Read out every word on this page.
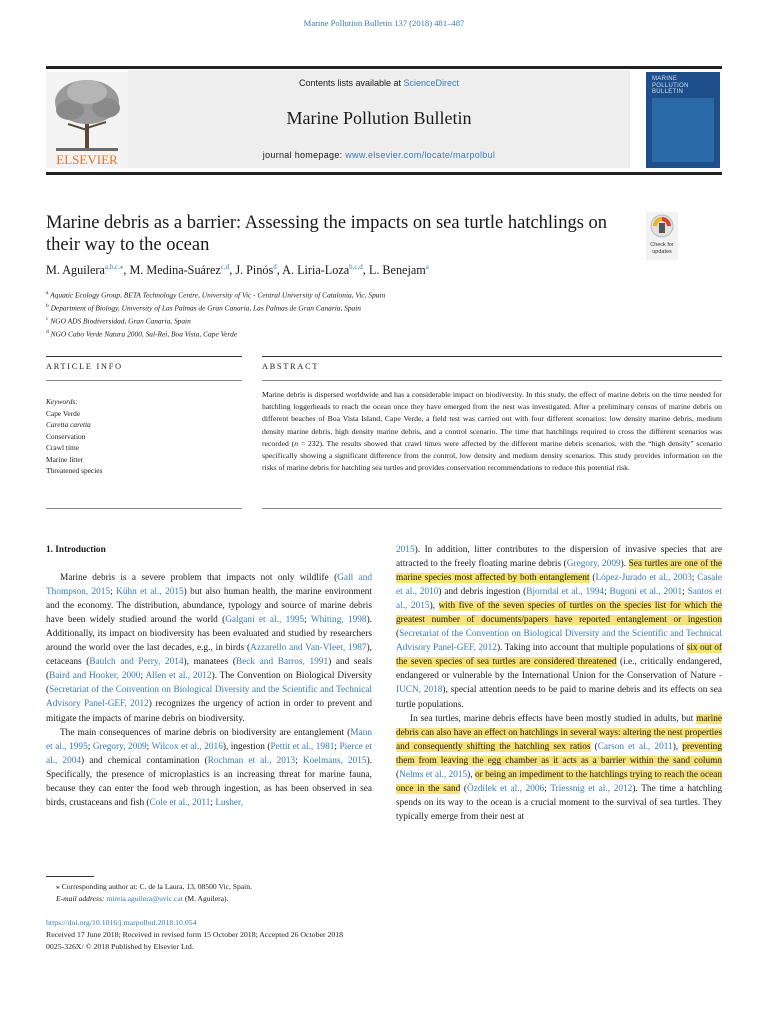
Marine Pollution Bulletin 137 (2018) 481–487
ELSEVIER
Contents lists available at ScienceDirect
Marine Pollution Bulletin
journal homepage: www.elsevier.com/locate/marpolbul
MARINE POLLUTION BULLETIN
Marine debris as a barrier: Assessing the impacts on sea turtle hatchlings on their way to the ocean	Check for
updates
M. Aguilera$^{a,b,c,⁎}$, M. Medina-Suárez$^{c,d}$, J. Pinós$^d$, A. Liria-Loza$^{b,c,d}$, L. Benejam$^a$
$^a$ Aquatic Ecology Group, BETA Technology Centre, University of Vic - Central University of Catalonia, Vic, Spain
$^b$ Department of Biology, University of Las Palmas de Gran Canaria, Las Palmas de Gran Canaria, Spain
$^c$ NGO ADS Biodiversidad, Gran Canaria, Spain
$^d$ NGO Cabo Verde Natura 2000, Sal-Rei, Boa Vista, Cape Verde
ARTICLE INFO	ABSTRACT
Keywords:
Cape Verde
Caretta caretta
Conservation
Crawl time
Marine litter
Threatened species
Marine debris is dispersed worldwide and has a considerable impact on biodiversity. In this study, the effect of marine debris on the time needed for hatchling loggerheads to reach the ocean once they have emerged from the nest was investigated. After a preliminary census of marine debris on different beaches of Boa Vista Island, Cape Verde, a field test was carried out with four different scenarios: low density marine debris, medium density marine debris, high density marine debris, and a control scenario. The time that hatchlings required to cross the different scenarios was recorded (n = 232). The results showed that crawl times were affected by the different marine debris scenarios, with the “high density” scenario specifically showing a significant difference from the control, low density and medium density scenarios. This study provides information on the risks of marine debris for hatchling sea turtles and provides conservation recommendations to reduce this potential risk.

1. Introduction

Marine debris is a severe problem that impacts not only wildlife (Gall and Thompson, 2015; Kühn et al., 2015) but also human health, the marine environment and the economy. The distribution, abundance, typology and source of marine debris have been widely studied around the world (Galgani et al., 1995; Whiting, 1998). Additionally, its impact on biodiversity has been evaluated and studied by researchers around the world over the last decades, e.g., in birds (Azzarello and Van-Vleet, 1987), cetaceans (Baulch and Perry, 2014), manatees (Beck and Barros, 1991) and seals (Baird and Hooker, 2000; Allen et al., 2012). The Convention on Biological Diversity (Secretariat of the Convention on Biological Diversity and the Scientific and Technical Advisory Panel-GEF, 2012) recognizes the urgency of action in order to prevent and mitigate the impacts of marine debris on biodiversity.

The main consequences of marine debris on biodiversity are entanglement (Mann et al., 1995; Gregory, 2009; Wilcox et al., 2016), ingestion (Pettit et al., 1981; Pierce et al., 2004) and chemical contamination (Rochman et al., 2013; Koelmans, 2015). Specifically, the presence of microplastics is an increasing threat for marine fauna, because they can enter the food web through ingestion, as has been observed in sea birds, crustaceans and fish (Cole et al., 2011; Lusher,

2015). In addition, litter contributes to the dispersion of invasive species that are attracted to the freely floating marine debris (Gregory, 2009). Sea turtles are one of the marine species most affected by both entanglement (López-Jurado et al., 2003; Casale et al., 2010) and debris ingestion (Bjorndal et al., 1994; Bugoni et al., 2001; Santos et al., 2015), with five of the seven species of turtles on the species list for which the greatest number of documents/papers have reported entanglement or ingestion (Secretariat of the Convention on Biological Diversity and the Scientific and Technical Advisory Panel-GEF, 2012). Taking into account that multiple populations of six out of the seven species of sea turtles are considered threatened (i.e., critically endangered, endangered or vulnerable by the International Union for the Conservation of Nature - IUCN, 2018), special attention needs to be paid to marine debris and its effects on sea turtle populations.

In sea turtles, marine debris effects have been mostly studied in adults, but marine debris can also have an effect on hatchlings in several ways: altering the nest properties and consequently shifting the hatchling sex ratios (Carson et al., 2011), preventing them from leaving the egg chamber as it acts as a barrier within the sand column (Nelms et al., 2015), or being an impediment to the hatchlings trying to reach the ocean once in the sand (Özdilek et al., 2006; Triessnig et al., 2012). The time a hatchling spends on its way to the ocean is a crucial moment to the survival of sea turtles. They typically emerge from their nest at

⁎ Corresponding author at: C. de la Laura, 13, 08500 Vic, Spain.
E-mail address: mireia.aguilera@uvic.cat (M. Aguilera).
https://doi.org/10.1016/j.marpolbul.2018.10.054
Received 17 June 2018; Received in revised form 15 October 2018; Accepted 26 October 2018
0025-326X/ © 2018 Published by Elsevier Ltd.
